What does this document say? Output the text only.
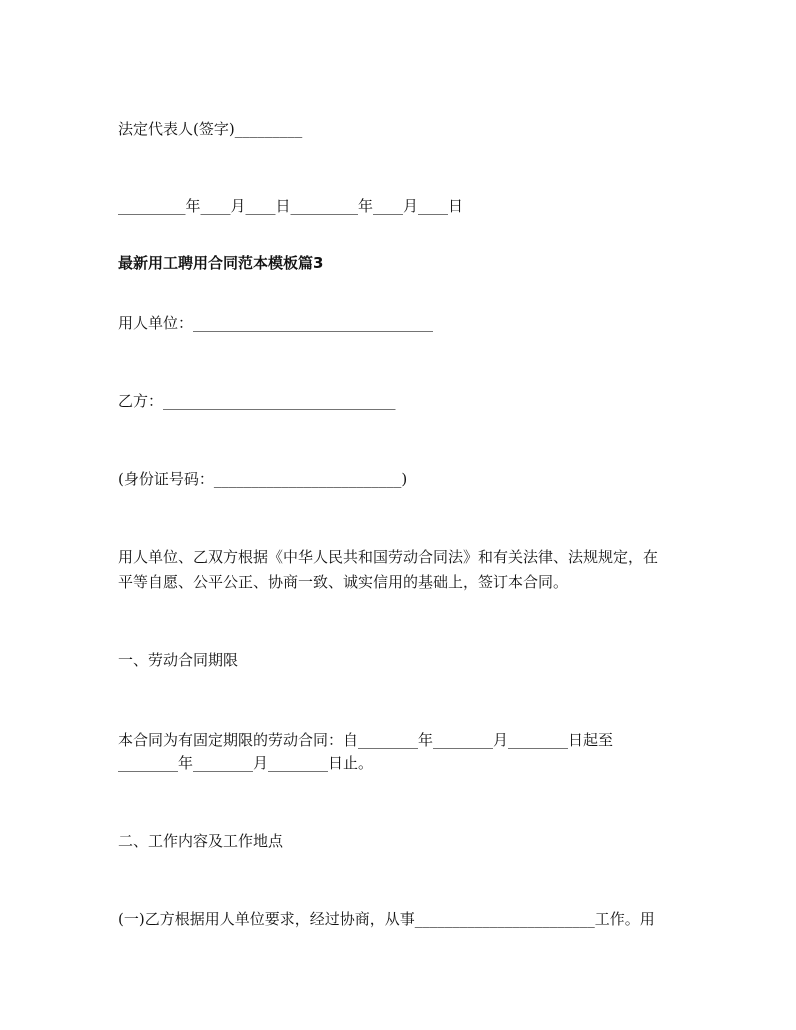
法定代表人(签字)_________
_________年____月____日_________年____月____日
最新用工聘用合同范本模板篇3
用人单位：________________________________
乙方：_______________________________
(身份证号码：_________________________)
用人单位、乙双方根据《中华人民共和国劳动合同法》和有关法律、法规规定，在
平等自愿、公平公正、协商一致、诚实信用的基础上，签订本合同。
一、劳动合同期限
本合同为有固定期限的劳动合同：自________年________月________日起至
________年________月________日止。
二、工作内容及工作地点
(一)乙方根据用人单位要求，经过协商，从事________________________工作。用
